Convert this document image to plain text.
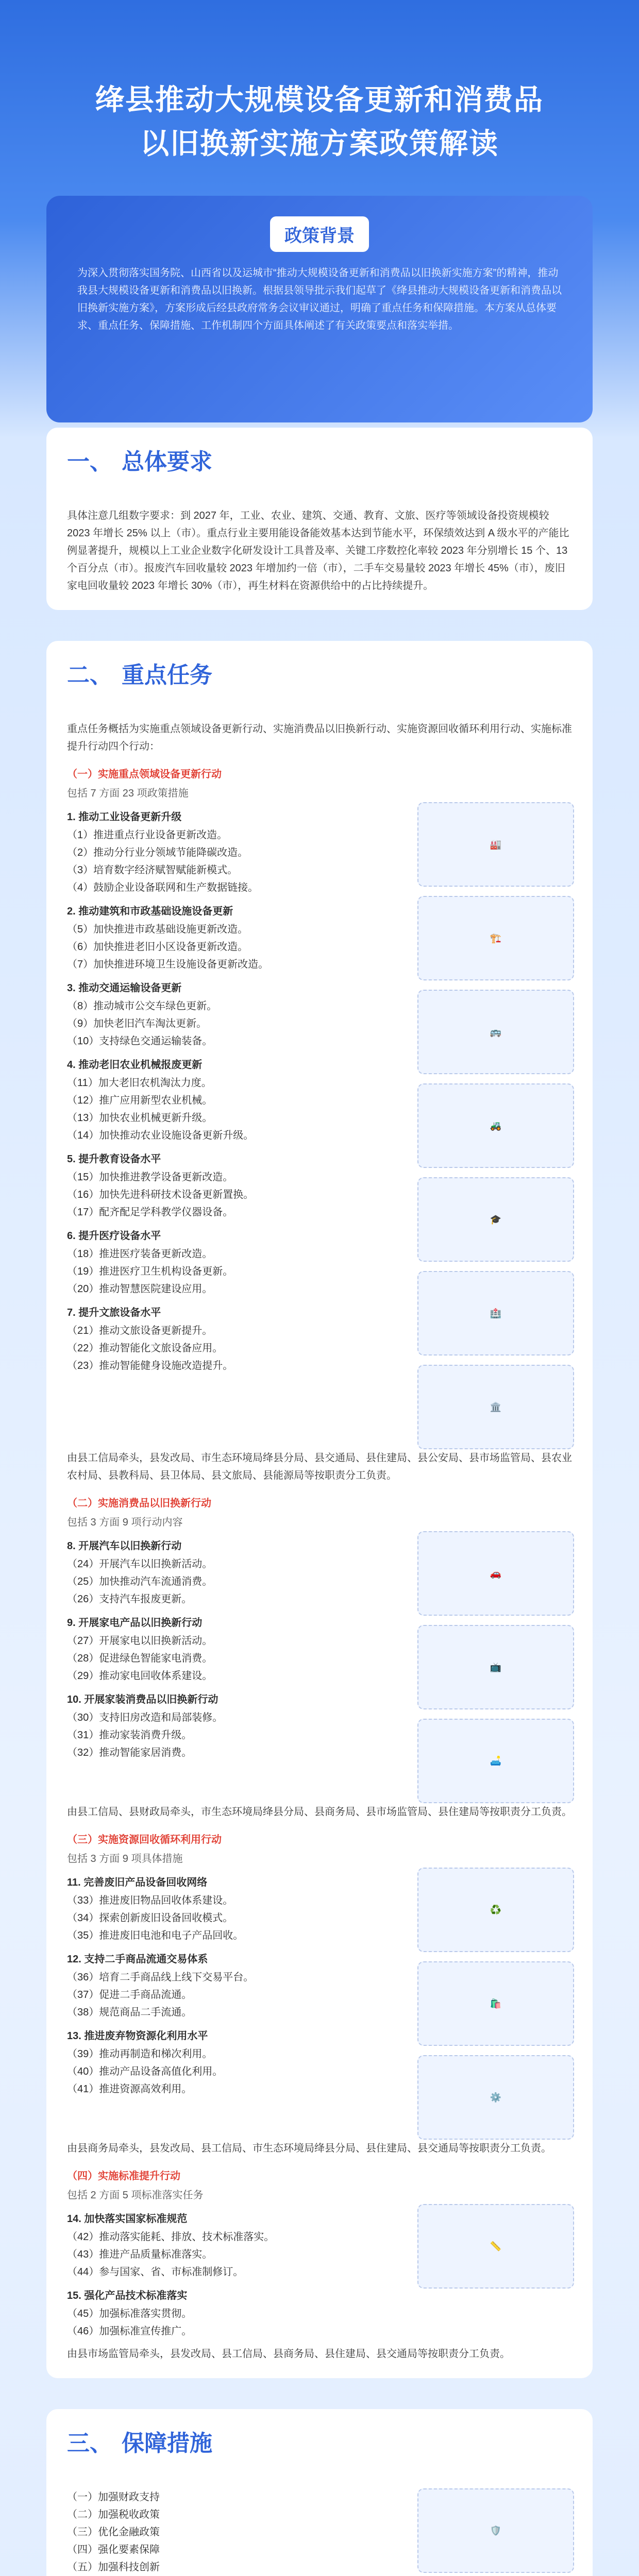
绛县推动大规模设备更新和消费品
以旧换新实施方案政策解读
政策背景
为深入贯彻落实国务院、山西省以及运城市“推动大规模设备更新和消费品以旧换新实施方案”的精神，推动我县大规模设备更新和消费品以旧换新。根据县领导批示我们起草了《绛县推动大规模设备更新和消费品以旧换新实施方案》，方案形成后经县政府常务会议审议通过，明确了重点任务和保障措施。本方案从总体要求、重点任务、保障措施、工作机制四个方面具体阐述了有关政策要点和落实举措。
一、 总体要求

具体注意几组数字要求：到 2027 年，工业、农业、建筑、交通、教育、文旅、医疗等领域设备投资规模较 2023 年增长 25% 以上（市）。重点行业主要用能设备能效基本达到节能水平，环保绩效达到 A 级水平的产能比例显著提升，规模以上工业企业数字化研发设计工具普及率、关键工序数控化率较 2023 年分别增长 15 个、13 个百分点（市）。报废汽车回收量较 2023 年增加约一倍（市），二手车交易量较 2023 年增长 45%（市），废旧家电回收量较 2023 年增长 30%（市），再生材料在资源供给中的占比持续提升。

二、 重点任务

重点任务概括为实施重点领域设备更新行动、实施消费品以旧换新行动、实施资源回收循环利用行动、实施标准提升行动四个行动：

（一）实施重点领域设备更新行动
包括 7 方面 23 项政策措施
1. 推动工业设备更新升级
（1）推进重点行业设备更新改造。
（2）推动分行业分领域节能降碳改造。
（3）培育数字经济赋智赋能新模式。
（4）鼓励企业设备联网和生产数据链接。
2. 推动建筑和市政基础设施设备更新
（5）加快推进市政基础设施更新改造。
（6）加快推进老旧小区设备更新改造。
（7）加快推进环境卫生设施设备更新改造。
3. 推动交通运输设备更新
（8）推动城市公交车绿色更新。
（9）加快老旧汽车淘汰更新。
（10）支持绿色交通运输装备。
4. 推动老旧农业机械报废更新
（11）加大老旧农机淘汰力度。
（12）推广应用新型农业机械。
（13）加快农业机械更新升级。
（14）加快推动农业设施设备更新升级。
5. 提升教育设备水平
（15）加快推进教学设备更新改造。
（16）加快先进科研技术设备更新置换。
（17）配齐配足学科教学仪器设备。
6. 提升医疗设备水平
（18）推进医疗装备更新改造。
（19）推进医疗卫生机构设备更新。
（20）推动智慧医院建设应用。
7. 提升文旅设备水平
（21）推动文旅设备更新提升。
（22）推动智能化文旅设备应用。
（23）推动智能健身设施改造提升。
🏭
🏗️
🚌
🚜
🎓
🏥
🏛️

由县工信局牵头，县发改局、市生态环境局绛县分局、县交通局、县住建局、县公安局、县市场监管局、县农业农村局、县教科局、县卫体局、县文旅局、县能源局等按职责分工负责。

（二）实施消费品以旧换新行动
包括 3 方面 9 项行动内容
8. 开展汽车以旧换新行动
（24）开展汽车以旧换新活动。
（25）加快推动汽车流通消费。
（26）支持汽车报废更新。
9. 开展家电产品以旧换新行动
（27）开展家电以旧换新活动。
（28）促进绿色智能家电消费。
（29）推动家电回收体系建设。
10. 开展家装消费品以旧换新行动
（30）支持旧房改造和局部装修。
（31）推动家装消费升级。
（32）推动智能家居消费。
🚗
📺
🛋️

由县工信局、县财政局牵头，市生态环境局绛县分局、县商务局、县市场监管局、县住建局等按职责分工负责。

（三）实施资源回收循环利用行动
包括 3 方面 9 项具体措施
11. 完善废旧产品设备回收网络
（33）推进废旧物品回收体系建设。
（34）探索创新废旧设备回收模式。
（35）推进废旧电池和电子产品回收。
12. 支持二手商品流通交易体系
（36）培育二手商品线上线下交易平台。
（37）促进二手商品流通。
（38）规范商品二手流通。
13. 推进废弃物资源化利用水平
（39）推动再制造和梯次利用。
（40）推动产品设备高值化利用。
（41）推进资源高效利用。
♻️
🛍️
⚙️

由县商务局牵头，县发改局、县工信局、市生态环境局绛县分局、县住建局、县交通局等按职责分工负责。

（四）实施标准提升行动
包括 2 方面 5 项标准落实任务
14. 加快落实国家标准规范
（42）推动落实能耗、排放、技术标准落实。
（43）推进产品质量标准落实。
（44）参与国家、省、市标准制修订。
15. 强化产品技术标准落实
（45）加强标准落实贯彻。
（46）加强标准宣传推广。
📏

由县市场监管局牵头，县发改局、县工信局、县商务局、县住建局、县交通局等按职责分工负责。

三、 保障措施
（一）加强财政支持
（二）加强税收政策
（三）优化金融政策
（四）强化要素保障
（五）加强科技创新
🛡️
